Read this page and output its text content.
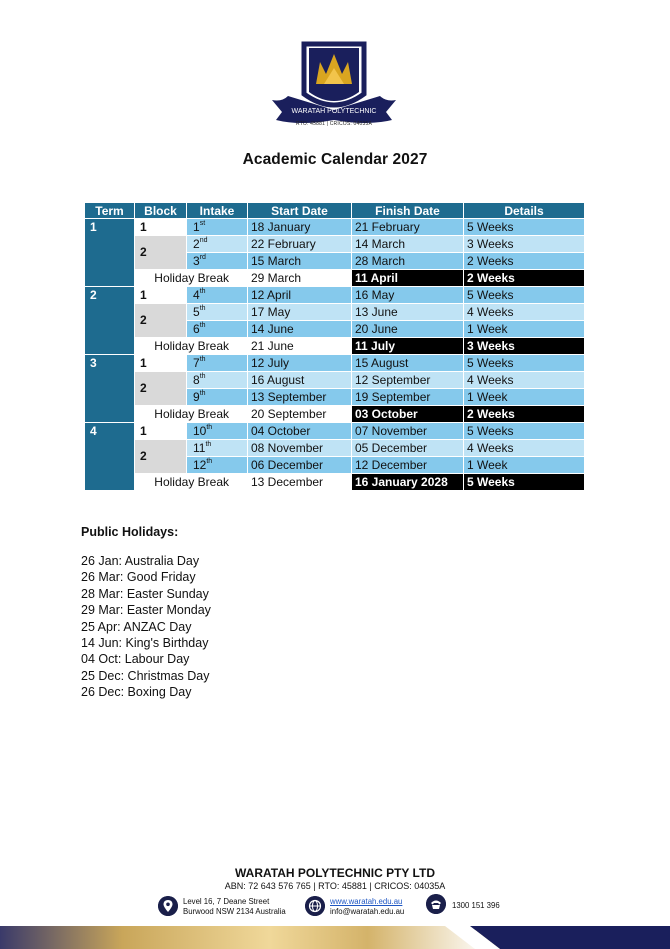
WARATAH POLYTECHNIC
RTO: 45881 | CRICOS: 04035A
Academic Calendar 2027
Term	Block	Intake	Start Date	Finish Date	Details
1	1	1st	18 January	21 February	5 Weeks
	2	2nd	22 February	14 March	3 Weeks
		3rd	15 March	28 March	2 Weeks
	Holiday Break		29 March	11 April	2 Weeks
2	1	4th	12 April	16 May	5 Weeks
	2	5th	17 May	13 June	4 Weeks
		6th	14 June	20 June	1 Week
	Holiday Break		21 June	11 July	3 Weeks
3	1	7th	12 July	15 August	5 Weeks
	2	8th	16 August	12 September	4 Weeks
		9th	13 September	19 September	1 Week
	Holiday Break		20 September	03 October	2 Weeks
4	1	10th	04 October	07 November	5 Weeks
	2	11th	08 November	05 December	4 Weeks
		12th	06 December	12 December	1 Week
	Holiday Break		13 December	16 January 2028	5 Weeks
Public Holidays:
26 Jan: Australia Day
26 Mar: Good Friday
28 Mar: Easter Sunday
29 Mar: Easter Monday
25 Apr: ANZAC Day
14 Jun: King's Birthday
04 Oct: Labour Day
25 Dec: Christmas Day
26 Dec: Boxing Day
WARATAH POLYTECHNIC PTY LTD
ABN: 72 643 576 765 | RTO: 45881 | CRICOS: 04035A
Level 16, 7 Deane Street
Burwood NSW 2134 Australia
www.waratah.edu.au
info@waratah.edu.au
1300 151 396
